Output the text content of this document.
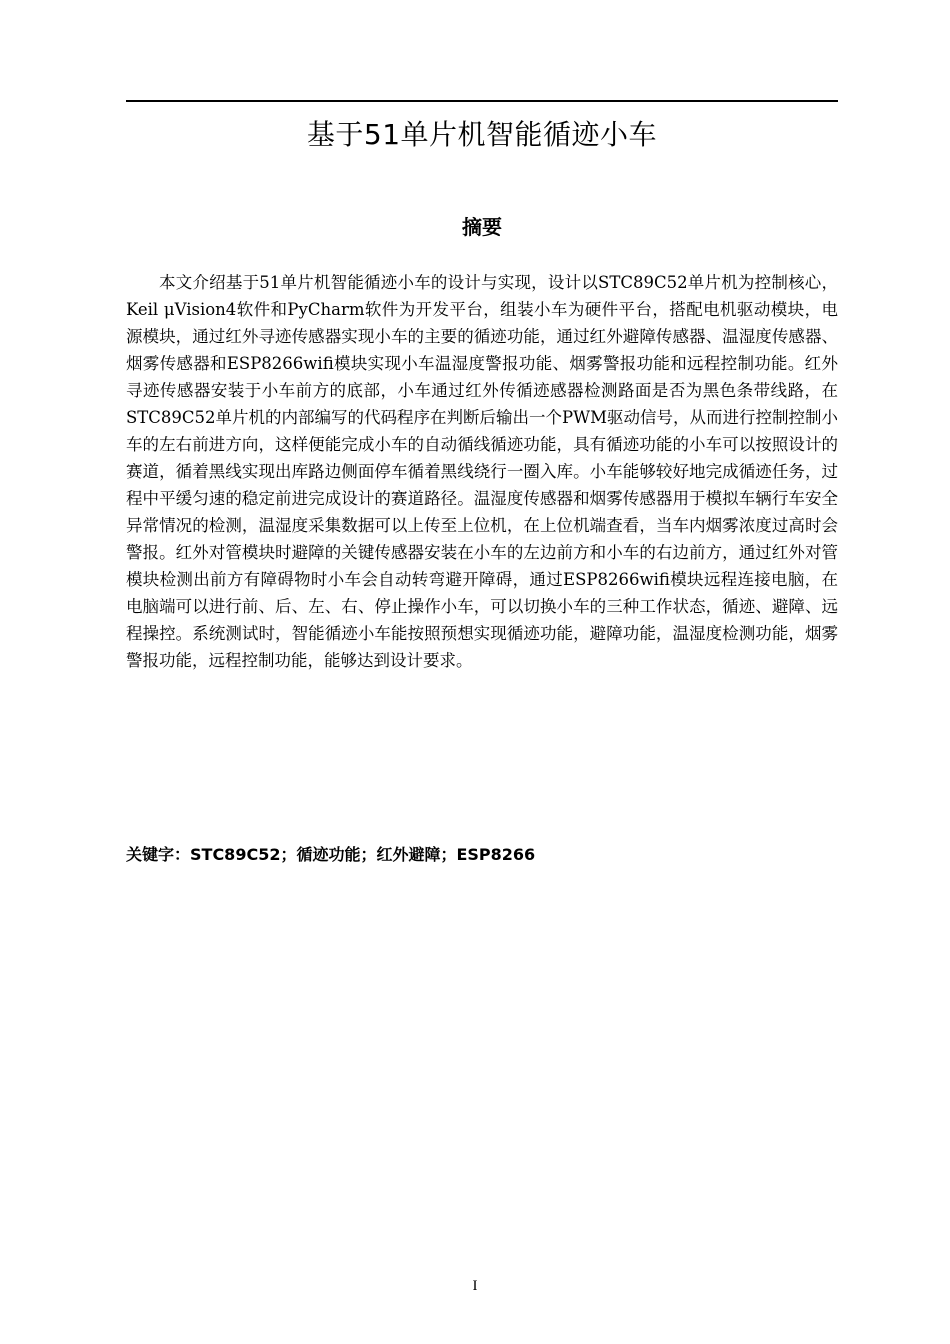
基于51单片机智能循迹小车
摘要

本文介绍基于51单片机智能循迹小车的设计与实现，设计以STC89C52单片机为控制核心，Keil μVision4软件和PyCharm软件为开发平台，组装小车为硬件平台，搭配电机驱动模块，电源模块，通过红外寻迹传感器实现小车的主要的循迹功能，通过红外避障传感器、温湿度传感器、烟雾传感器和ESP8266wifi模块实现小车温湿度警报功能、烟雾警报功能和远程控制功能。红外寻迹传感器安装于小车前方的底部，小车通过红外传循迹感器检测路面是否为黑色条带线路，在STC89C52单片机的内部编写的代码程序在判断后输出一个PWM驱动信号，从而进行控制控制小车的左右前进方向，这样便能完成小车的自动循线循迹功能，具有循迹功能的小车可以按照设计的赛道，循着黑线实现出库路边侧面停车循着黑线绕行一圈入库。小车能够较好地完成循迹任务，过程中平缓匀速的稳定前进完成设计的赛道路径。温湿度传感器和烟雾传感器用于模拟车辆行车安全异常情况的检测，温湿度采集数据可以上传至上位机，在上位机端查看，当车内烟雾浓度过高时会警报。红外对管模块时避障的关键传感器安装在小车的左边前方和小车的右边前方，通过红外对管模块检测出前方有障碍物时小车会自动转弯避开障碍，通过ESP8266wifi模块远程连接电脑，在电脑端可以进行前、后、左、右、停止操作小车，可以切换小车的三种工作状态，循迹、避障、远程操控。系统测试时，智能循迹小车能按照预想实现循迹功能，避障功能，温湿度检测功能，烟雾警报功能，远程控制功能，能够达到设计要求。

关键字：STC89C52；循迹功能；红外避障；ESP8266

I
